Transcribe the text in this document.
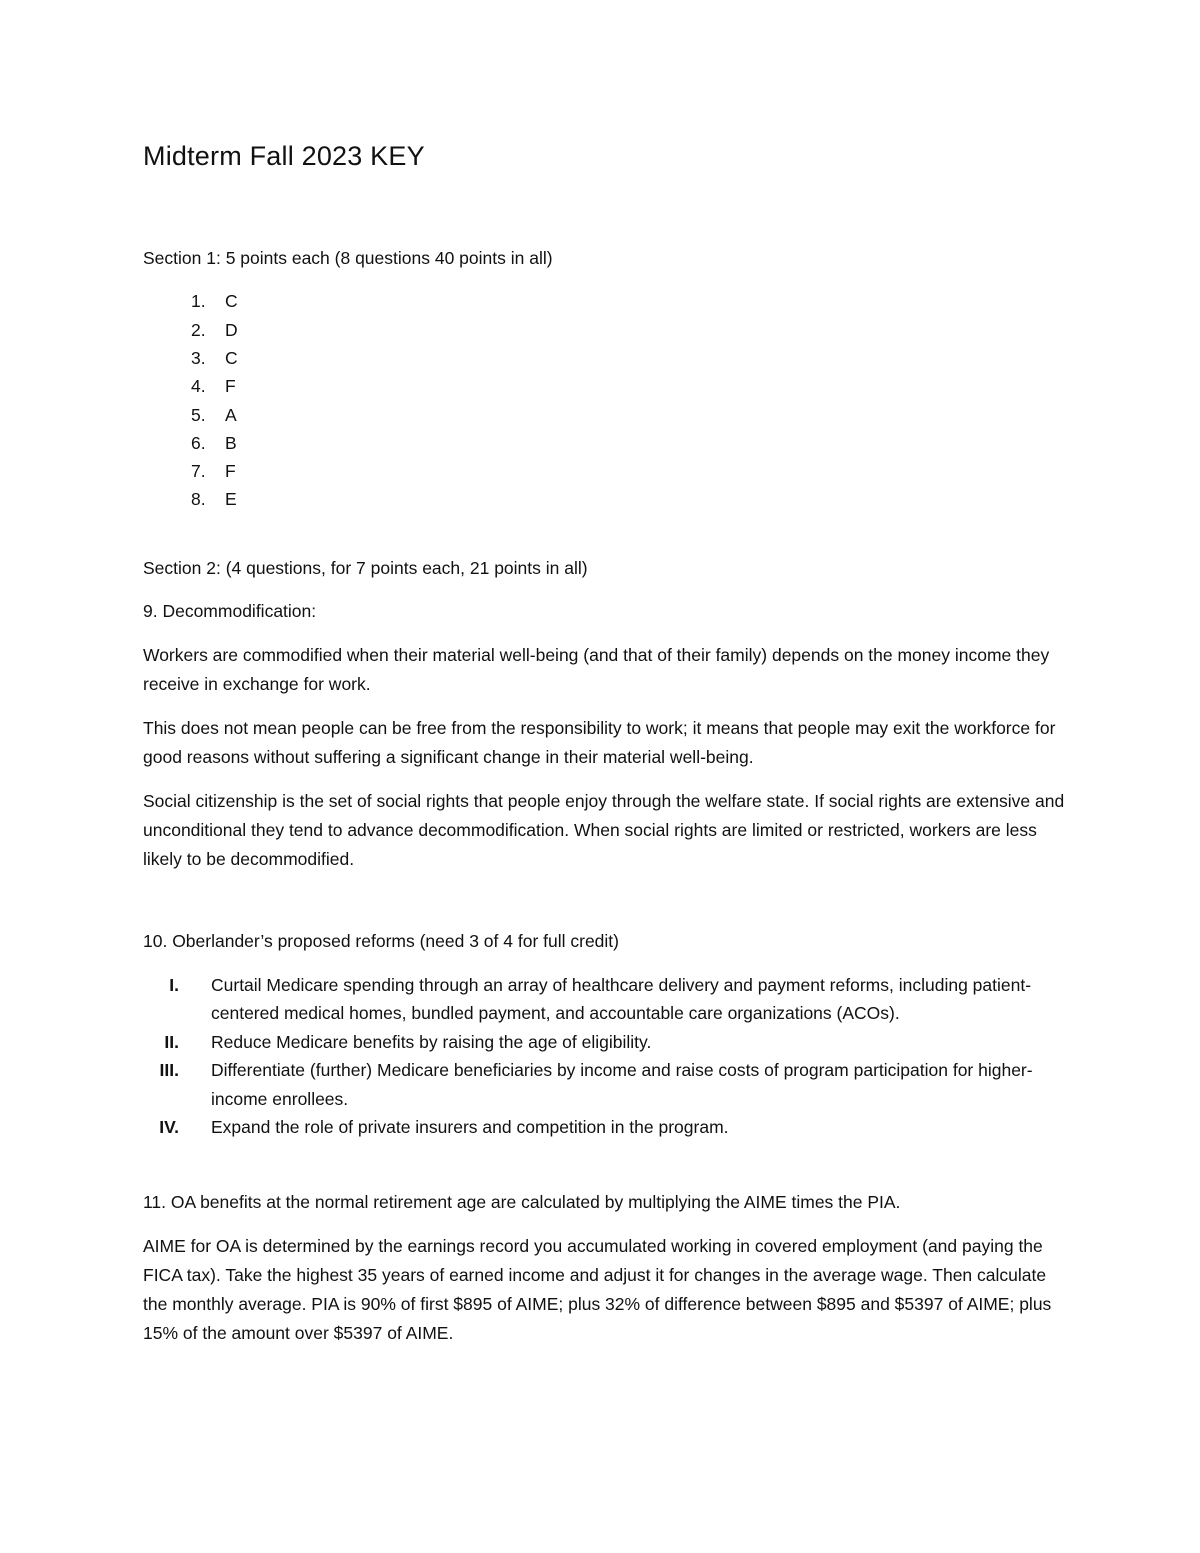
Midterm Fall 2023 KEY

Section 1: 5 points each (8 questions 40 points in all)

1.	C
2.	D
3.	C
4.	F
5.	A
6.	B
7.	F
8.	E

Section 2: (4 questions, for 7 points each, 21 points in all)

9. Decommodification:

Workers are commodified when their material well-being (and that of their family) depends on the money income they receive in exchange for work.

This does not mean people can be free from the responsibility to work; it means that people may exit the workforce for good reasons without suffering a significant change in their material well-being.

Social citizenship is the set of social rights that people enjoy through the welfare state. If social rights are extensive and unconditional they tend to advance decommodification. When social rights are limited or restricted, workers are less likely to be decommodified.

10. Oberlander’s proposed reforms (need 3 of 4 for full credit)

I. Curtail Medicare spending through an array of healthcare delivery and payment reforms, including patient-centered medical homes, bundled payment, and accountable care organizations (ACOs).
II. Reduce Medicare benefits by raising the age of eligibility.
III. Differentiate (further) Medicare beneficiaries by income and raise costs of program participation for higher-income enrollees.
IV. Expand the role of private insurers and competition in the program.

11. OA benefits at the normal retirement age are calculated by multiplying the AIME times the PIA.

AIME for OA is determined by the earnings record you accumulated working in covered employment (and paying the FICA tax). Take the highest 35 years of earned income and adjust it for changes in the average wage. Then calculate the monthly average. PIA is 90% of first $895 of AIME; plus 32% of difference between $895 and $5397 of AIME; plus 15% of the amount over $5397 of AIME.
